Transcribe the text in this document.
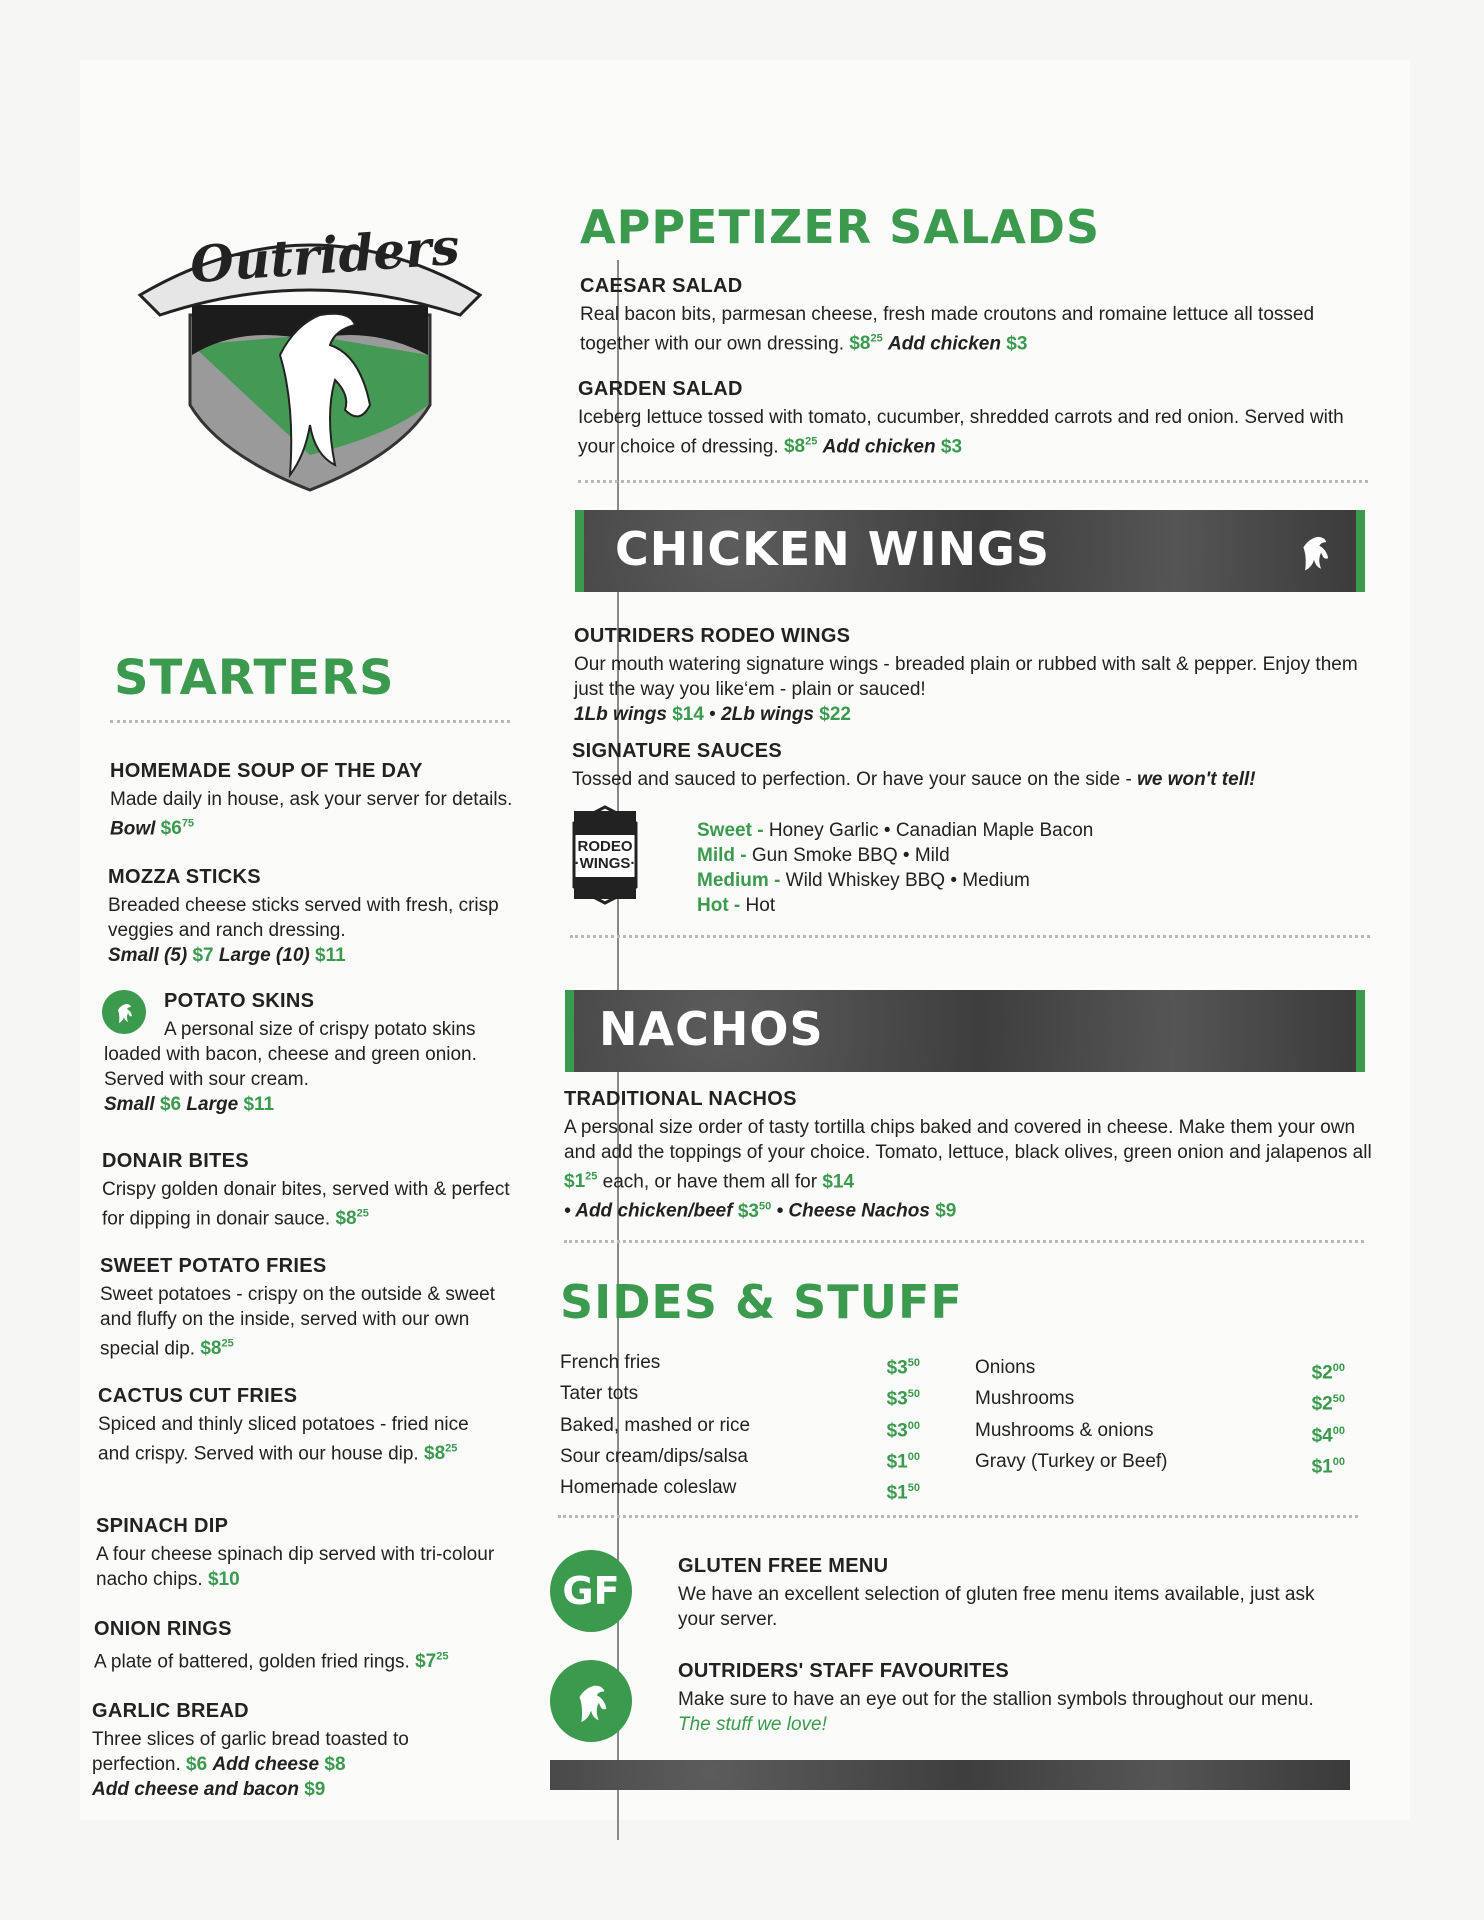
Outriders
STARTERS
HOMEMADE SOUP OF THE DAY

Made daily in house, ask your server for details. Bowl $\$6^{75}$

MOZZA STICKS

Breaded cheese sticks served with fresh, crisp veggies and ranch dressing.
Small (5) $7 Large (10) $11

POTATO SKINS

A personal size of crispy potato skins loaded with bacon, cheese and green onion. Served with sour cream.
Small $6 Large $11

DONAIR BITES

Crispy golden donair bites, served with & perfect for dipping in donair sauce. $\$8^{25}$

SWEET POTATO FRIES

Sweet potatoes - crispy on the outside & sweet and fluffy on the inside, served with our own special dip. $\$8^{25}$

CACTUS CUT FRIES

Spiced and thinly sliced potatoes - fried nice and crispy. Served with our house dip. $\$8^{25}$

SPINACH DIP

A four cheese spinach dip served with tri-colour nacho chips. $10

ONION RINGS

A plate of battered, golden fried rings. $\$7^{25}$

GARLIC BREAD

Three slices of garlic bread toasted to perfection. $6 Add cheese $8
Add cheese and bacon $9

APPETIZER SALADS
CAESAR SALAD

Real bacon bits, parmesan cheese, fresh made croutons and romaine lettuce all tossed together with our own dressing. $\$8^{25}$ Add chicken $3

GARDEN SALAD

Iceberg lettuce tossed with tomato, cucumber, shredded carrots and red onion. Served with your choice of dressing. $\$8^{25}$ Add chicken $3

CHICKEN WINGS
OUTRIDERS RODEO WINGS

Our mouth watering signature wings - breaded plain or rubbed with salt & pepper. Enjoy them just the way you like‘em - plain or sauced!
1Lb wings $14 • 2Lb wings $22

SIGNATURE SAUCES

Tossed and sauced to perfection. Or have your sauce on the side - we won't tell!

RODEO
·WINGS·
Sweet - Honey Garlic • Canadian Maple Bacon
Mild - Gun Smoke BBQ • Mild
Medium - Wild Whiskey BBQ • Medium
Hot - Hot
NACHOS
TRADITIONAL NACHOS

A personal size order of tasty tortilla chips baked and covered in cheese. Make them your own and add the toppings of your choice. Tomato, lettuce, black olives, green onion and jalapenos all $\$1^{25}$ each, or have them all for $14
• Add chicken/beef $\$3^{50}$ • Cheese Nachos $9

SIDES & STUFF
French fries	$\$3^{50}$
Tater tots	$\$3^{50}$
Baked, mashed or rice	$\$3^{00}$
Sour cream/dips/salsa	$\$1^{00}$
Homemade coleslaw	$\$1^{50}$
Onions	$\$2^{00}$
Mushrooms	$\$2^{50}$
Mushrooms & onions	$\$4^{00}$
Gravy (Turkey or Beef)	$\$1^{00}$
GF
GLUTEN FREE MENU

We have an excellent selection of gluten free menu items available, just ask your server.

OUTRIDERS' STAFF FAVOURITES

Make sure to have an eye out for the stallion symbols throughout our menu.
The stuff we love!
